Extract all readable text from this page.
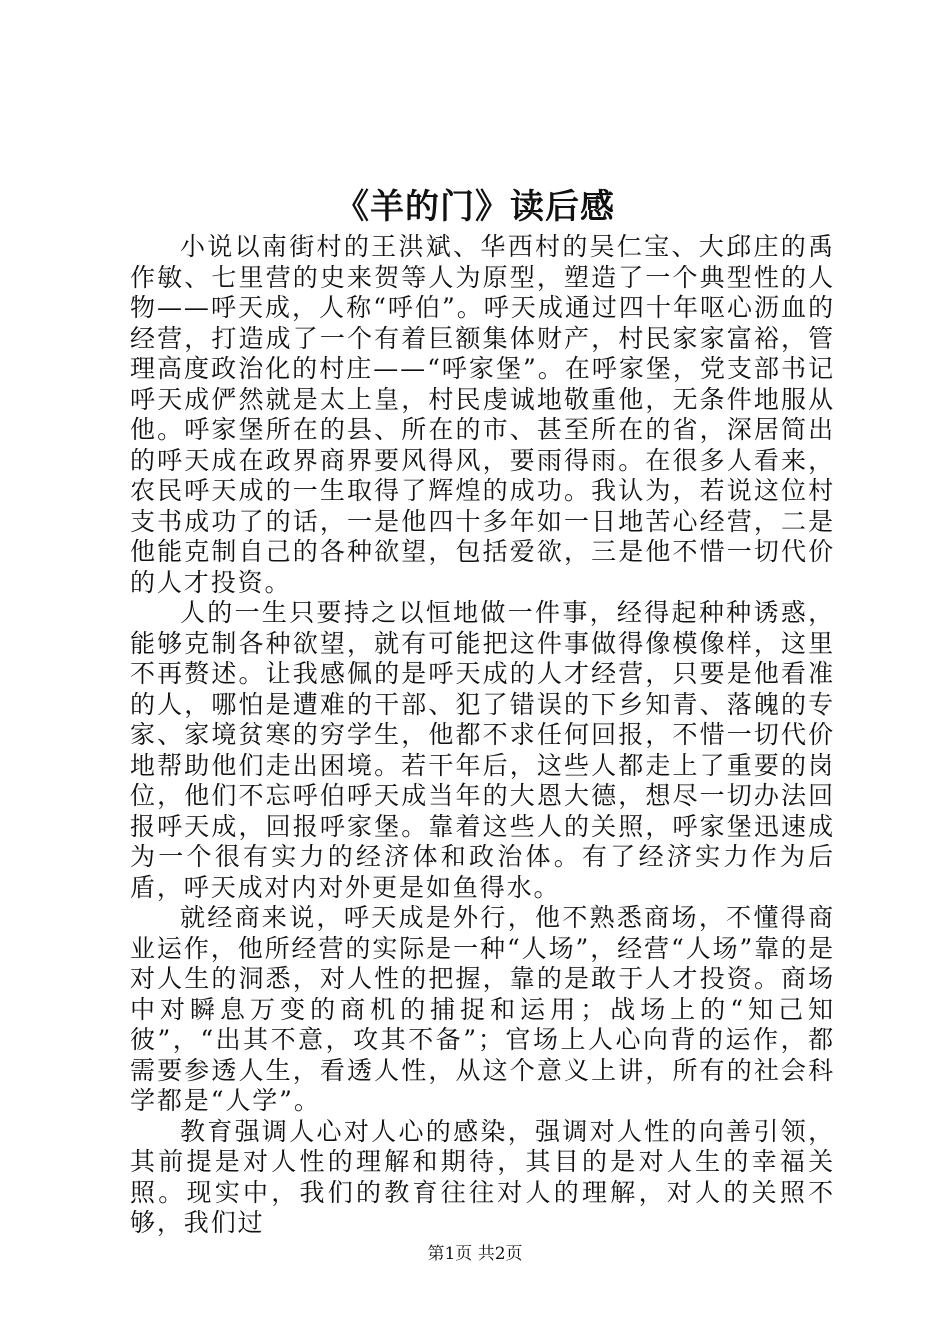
《羊的门》读后感

小说以南街村的王洪斌、华西村的吴仁宝、大邱庄的禹作敏、七里营的史来贺等人为原型，塑造了一个典型性的人物——呼天成，人称“呼伯”。呼天成通过四十年呕心沥血的经营，打造成了一个有着巨额集体财产，村民家家富裕，管理高度政治化的村庄——“呼家堡”。在呼家堡，党支部书记呼天成俨然就是太上皇，村民虔诚地敬重他，无条件地服从他。呼家堡所在的县、所在的市、甚至所在的省，深居简出的呼天成在政界商界要风得风，要雨得雨。在很多人看来，农民呼天成的一生取得了辉煌的成功。我认为，若说这位村支书成功了的话，一是他四十多年如一日地苦心经营，二是他能克制自己的各种欲望，包括爱欲，三是他不惜一切代价的人才投资。

人的一生只要持之以恒地做一件事，经得起种种诱惑，能够克制各种欲望，就有可能把这件事做得像模像样，这里不再赘述。让我感佩的是呼天成的人才经营，只要是他看准的人，哪怕是遭难的干部、犯了错误的下乡知青、落魄的专家、家境贫寒的穷学生，他都不求任何回报，不惜一切代价地帮助他们走出困境。若干年后，这些人都走上了重要的岗位，他们不忘呼伯呼天成当年的大恩大德，想尽一切办法回报呼天成，回报呼家堡。靠着这些人的关照，呼家堡迅速成为一个很有实力的经济体和政治体。有了经济实力作为后盾，呼天成对内对外更是如鱼得水。

就经商来说，呼天成是外行，他不熟悉商场，不懂得商业运作，他所经营的实际是一种“人场”，经营“人场”靠的是对人生的洞悉，对人性的把握，靠的是敢于人才投资。商场中对瞬息万变的商机的捕捉和运用；战场上的“知己知彼”，“出其不意，攻其不备”；官场上人心向背的运作，都需要参透人生，看透人性，从这个意义上讲，所有的社会科学都是“人学”。

教育强调人心对人心的感染，强调对人性的向善引领，其前提是对人性的理解和期待，其目的是对人生的幸福关照。现实中，我们的教育往往对人的理解，对人的关照不够，我们过

第1页 共2页
